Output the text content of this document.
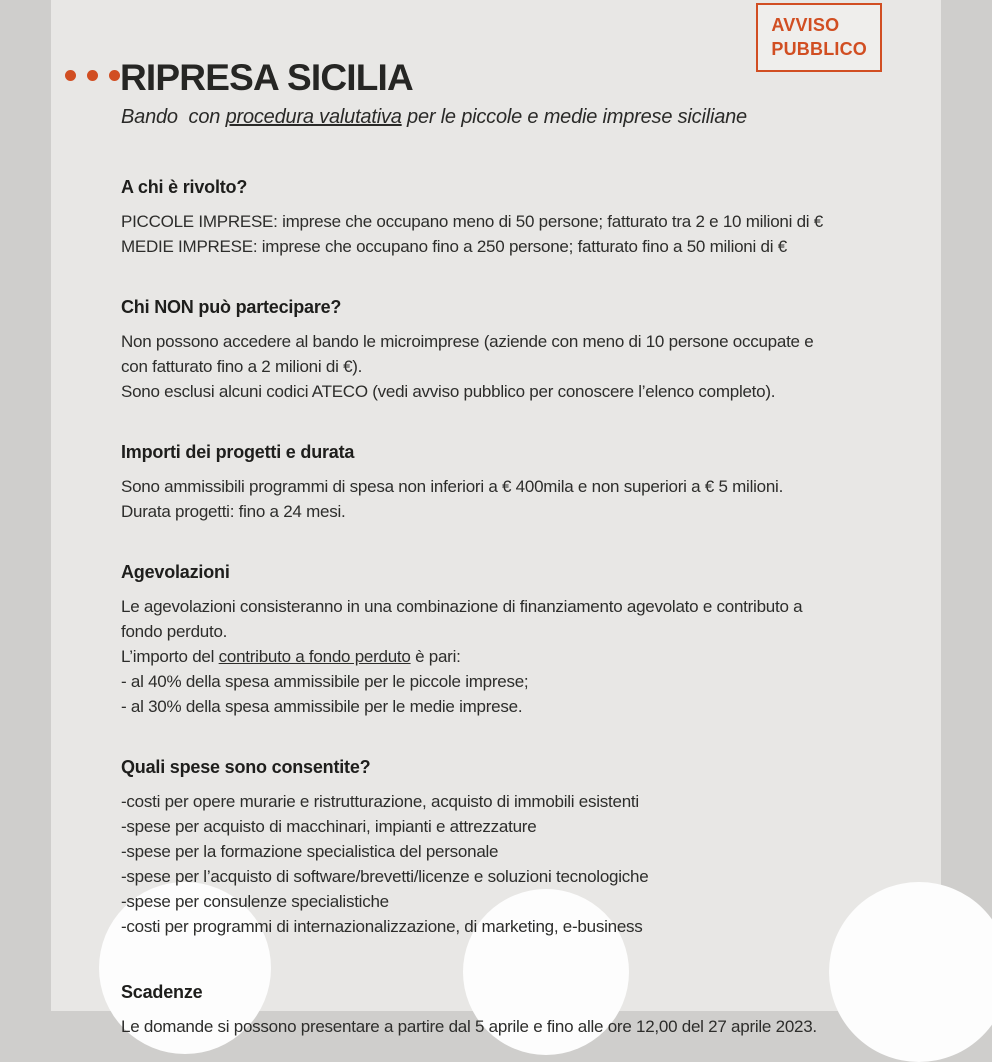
AVVISO
PUBBLICO
RIPRESA SICILIA

Bando  con procedura valutativa per le piccole e medie imprese siciliane

A chi è rivolto?

PICCOLE IMPRESE: imprese che occupano meno di 50 persone; fatturato tra 2 e 10 milioni di €

MEDIE IMPRESE: imprese che occupano fino a 250 persone; fatturato fino a 50 milioni di €

Chi NON può partecipare?

Non possono accedere al bando le microimprese (aziende con meno di 10 persone occupate e

con fatturato fino a 2 milioni di €).

Sono esclusi alcuni codici ATECO (vedi avviso pubblico per conoscere l’elenco completo).

Importi dei progetti e durata

Sono ammissibili programmi di spesa non inferiori a € 400mila e non superiori a € 5 milioni.

Durata progetti: fino a 24 mesi.

Agevolazioni

Le agevolazioni consisteranno in una combinazione di finanziamento agevolato e contributo a

fondo perduto.

L’importo del contributo a fondo perduto è pari:

- al 40% della spesa ammissibile per le piccole imprese;

- al 30% della spesa ammissibile per le medie imprese.

Quali spese sono consentite?

-costi per opere murarie e ristrutturazione, acquisto di immobili esistenti

-spese per acquisto di macchinari, impianti e attrezzature

-spese per la formazione specialistica del personale

-spese per l’acquisto di software/brevetti/licenze e soluzioni tecnologiche

-spese per consulenze specialistiche

-costi per programmi di internazionalizzazione, di marketing, e-business

Scadenze

Le domande si possono presentare a partire dal 5 aprile e fino alle ore 12,00 del 27 aprile 2023.
